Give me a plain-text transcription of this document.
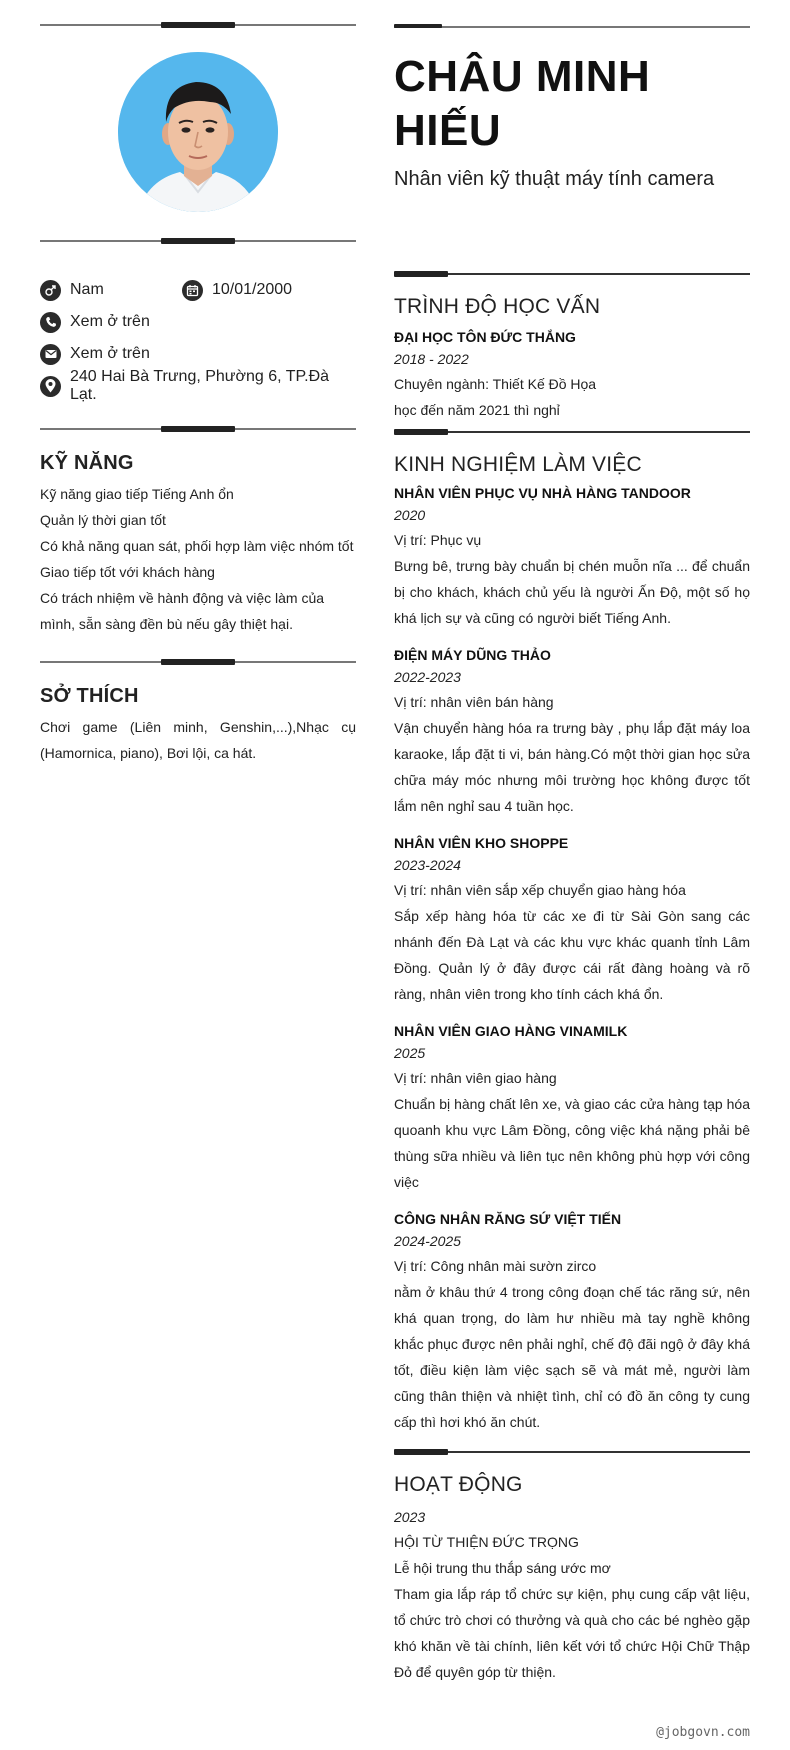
Nam	10/01/2000
Xem ở trên
Xem ở trên
240 Hai Bà Trưng, Phường 6, TP.Đà Lạt.
KỸ NĂNG

Kỹ năng giao tiếp Tiếng Anh ổn

Quản lý thời gian tốt

Có khả năng quan sát, phối hợp làm việc nhóm tốt

Giao tiếp tốt với khách hàng

Có trách nhiệm về hành động và việc làm của mình, sẵn sàng đền bù nếu gây thiệt hại.

SỞ THÍCH

Chơi game (Liên minh, Genshin,...),Nhạc cụ (Hamornica, piano), Bơi lội, ca hát.

CHÂU MINH HIẾU
Nhân viên kỹ thuật máy tính camera
TRÌNH ĐỘ HỌC VẤN
ĐẠI HỌC TÔN ĐỨC THẮNG
2018 - 2022
Chuyên ngành: Thiết Kế Đồ Họa
học đến năm 2021 thì nghỉ
KINH NGHIỆM LÀM VIỆC
NHÂN VIÊN PHỤC VỤ NHÀ HÀNG TANDOOR
2020
Vị trí: Phục vụ
Bưng bê, trưng bày chuẩn bị chén muỗn nĩa ... để chuẩn bị cho khách, khách chủ yếu là người Ấn Độ, một số họ khá lịch sự và cũng có người biết Tiếng Anh.
ĐIỆN MÁY DŨNG THẢO
2022-2023
Vị trí: nhân viên bán hàng
Vận chuyển hàng hóa ra trưng bày , phụ lắp đặt máy loa karaoke, lắp đặt ti vi, bán hàng.Có một thời gian học sửa chữa máy móc nhưng môi trường học không được tốt lắm nên nghỉ sau 4 tuần học.
NHÂN VIÊN KHO SHOPPE
2023-2024
Vị trí: nhân viên sắp xếp chuyển giao hàng hóa
Sắp xếp hàng hóa từ các xe đi từ Sài Gòn sang các nhánh đến Đà Lạt và các khu vực khác quanh tỉnh Lâm Đồng. Quản lý ở đây được cái rất đàng hoàng và rõ ràng, nhân viên trong kho tính cách khá ổn.
NHÂN VIÊN GIAO HÀNG VINAMILK
2025
Vị trí: nhân viên giao hàng
Chuẩn bị hàng chất lên xe, và giao các cửa hàng tạp hóa quoanh khu vực Lâm Đồng, công việc khá nặng phải bê thùng sữa nhiều và liên tục nên không phù hợp với công việc
CÔNG NHÂN RĂNG SỨ VIỆT TIẾN
2024-2025
Vị trí: Công nhân mài sườn zirco
nằm ở khâu thứ 4 trong công đoạn chế tác răng sứ, nên khá quan trọng, do làm hư nhiều mà tay nghề không khắc phục được nên phải nghỉ, chế độ đãi ngộ ở đây khá tốt, điều kiện làm việc sạch sẽ và mát mẻ, người làm cũng thân thiện và nhiệt tình, chỉ có đồ ăn công ty cung cấp thì hơi khó ăn chút.
HOẠT ĐỘNG
2023
HỘI TỪ THIỆN ĐỨC TRỌNG
Lễ hội trung thu thắp sáng ước mơ
Tham gia lắp ráp tổ chức sự kiện, phụ cung cấp vật liệu, tổ chức trò chơi có thưởng và quà cho các bé nghèo gặp khó khăn về tài chính, liên kết với tổ chức Hội Chữ Thập Đỏ để quyên góp từ thiện.
@jobgovn.com
